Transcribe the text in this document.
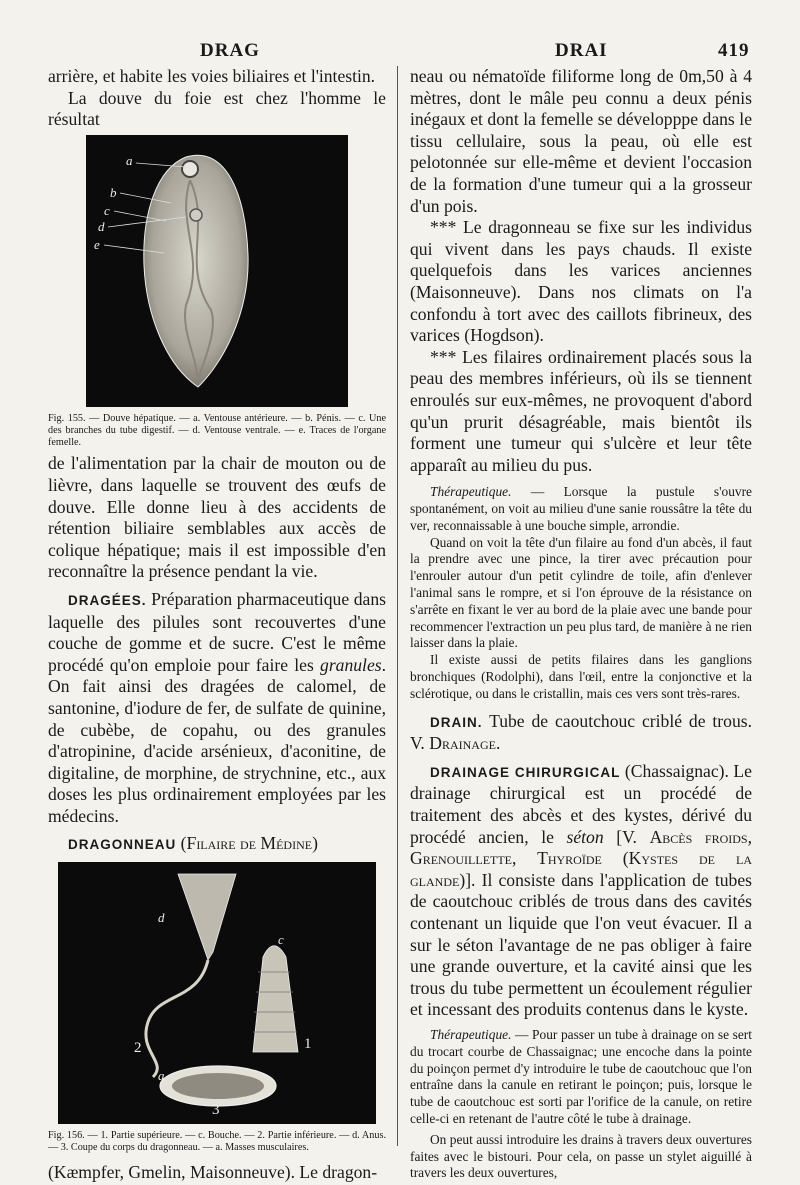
DRAG	DRAI	419

arrière, et habite les voies biliaires et l'intestin.

La douve du foie est chez l'homme le résultat

a
b
c
d
e

Fig. 155. — Douve hépatique. — a. Ventouse antérieure. — b. Pénis. — c. Une des branches du tube digestif. — d. Ventouse ventrale. — e. Traces de l'organe femelle.

de l'alimentation par la chair de mouton ou de lièvre, dans laquelle se trouvent des œufs de douve. Elle donne lieu à des accidents de rétention biliaire semblables aux accès de colique hépatique; mais il est impossible d'en reconnaître la présence pendant la vie.

DRAGÉES. Préparation pharmaceutique dans laquelle des pilules sont recouvertes d'une couche de gomme et de sucre. C'est le même procédé qu'on emploie pour faire les granules. On fait ainsi des dragées de calomel, de santonine, d'iodure de fer, de sulfate de quinine, de cubèbe, de copahu, ou des granules d'atropinine, d'acide arsénieux, d'aconitine, de digitaline, de morphine, de strychnine, etc., aux doses les plus ordinairement employées par les médecins.

DRAGONNEAU (Filaire de Médine)

d
c
2	1
a
3

Fig. 156. — 1. Partie supérieure. — c. Bouche. — 2. Partie inférieure. — d. Anus. — 3. Coupe du corps du dragonneau. — a. Masses musculaires.

(Kæmpfer, Gmelin, Maisonneuve). Le dragon-

neau ou nématoïde filiforme long de 0m,50 à 4 mètres, dont le mâle peu connu a deux pénis inégaux et dont la femelle se développpe dans le tissu cellulaire, sous la peau, où elle est pelotonnée sur elle-même et devient l'occasion de la formation d'une tumeur qui a la grosseur d'un pois.

*** Le dragonneau se fixe sur les individus qui vivent dans les pays chauds. Il existe quelquefois dans les varices anciennes (Maisonneuve). Dans nos climats on l'a confondu à tort avec des caillots fibrineux, des varices (Hogdson).

*** Les filaires ordinairement placés sous la peau des membres inférieurs, où ils se tiennent enroulés sur eux-mêmes, ne provoquent d'abord qu'un prurit désagréable, mais bientôt ils forment une tumeur qui s'ulcère et leur tête apparaît au milieu du pus.

Thérapeutique. — Lorsque la pustule s'ouvre spontanément, on voit au milieu d'une sanie roussâtre la tête du ver, reconnaissable à une bouche simple, arrondie.

Quand on voit la tête d'un filaire au fond d'un abcès, il faut la prendre avec une pince, la tirer avec précaution pour l'enrouler autour d'un petit cylindre de toile, afin d'enlever l'animal sans le rompre, et si l'on éprouve de la résistance on s'arrête en fixant le ver au bord de la plaie avec une bande pour recommencer l'extraction un peu plus tard, de manière à ne rien laisser dans la plaie.

Il existe aussi de petits filaires dans les ganglions bronchiques (Rodolphi), dans l'œil, entre la conjonctive et la sclérotique, ou dans le cristallin, mais ces vers sont très-rares.

DRAIN. Tube de caoutchouc criblé de trous. V. Drainage.

DRAINAGE CHIRURGICAL (Chassaignac). Le drainage chirurgical est un procédé de traitement des abcès et des kystes, dérivé du procédé ancien, le séton [V. Abcès froids, Grenouillette, Thyroïde (Kystes de la glande)]. Il consiste dans l'application de tubes de caoutchouc criblés de trous dans des cavités contenant un liquide que l'on veut évacuer. Il a sur le séton l'avantage de ne pas obliger à faire une grande ouverture, et la cavité ainsi que les trous du tube permettent un écoulement régulier et incessant des produits contenus dans le kyste.

Thérapeutique. — Pour passer un tube à drainage on se sert du trocart courbe de Chassaignac; une encoche dans la pointe du poinçon permet d'y introduire le tube de caoutchouc que l'on entraîne dans la canule en retirant le poinçon; puis, lorsque le tube de caoutchouc est sorti par l'orifice de la canule, on retire celle-ci en retenant de l'autre côté le tube à drainage.

On peut aussi introduire les drains à travers deux ouvertures faites avec le bistouri. Pour cela, on passe un stylet aiguillé à travers les deux ouvertures,
